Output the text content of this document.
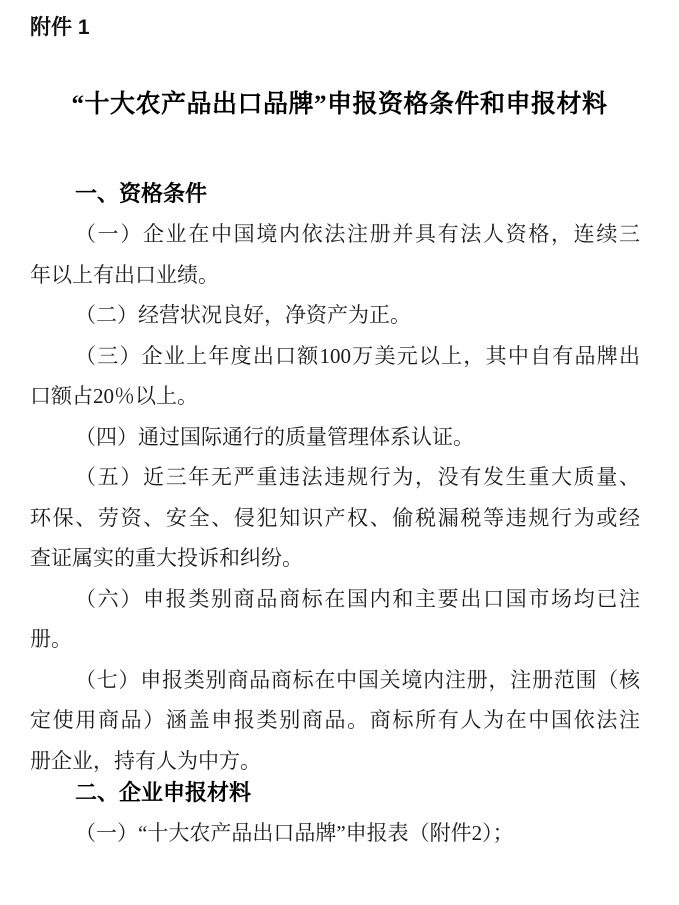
附件 1
“十大农产品出口品牌”申报资格条件和申报材料
一、资格条件
（一）企业在中国境内依法注册并具有法人资格，连续三
年以上有出口业绩。
（二）经营状况良好，净资产为正。
（三）企业上年度出口额100万美元以上，其中自有品牌出
口额占20％以上。
（四）通过国际通行的质量管理体系认证。
（五）近三年无严重违法违规行为，没有发生重大质量、
环保、劳资、安全、侵犯知识产权、偷税漏税等违规行为或经
查证属实的重大投诉和纠纷。
（六）申报类别商品商标在国内和主要出口国市场均已注
册。
（七）申报类别商品商标在中国关境内注册，注册范围（核
定使用商品）涵盖申报类别商品。商标所有人为在中国依法注
册企业，持有人为中方。
二、企业申报材料
（一）“十大农产品出口品牌”申报表（附件2）；
